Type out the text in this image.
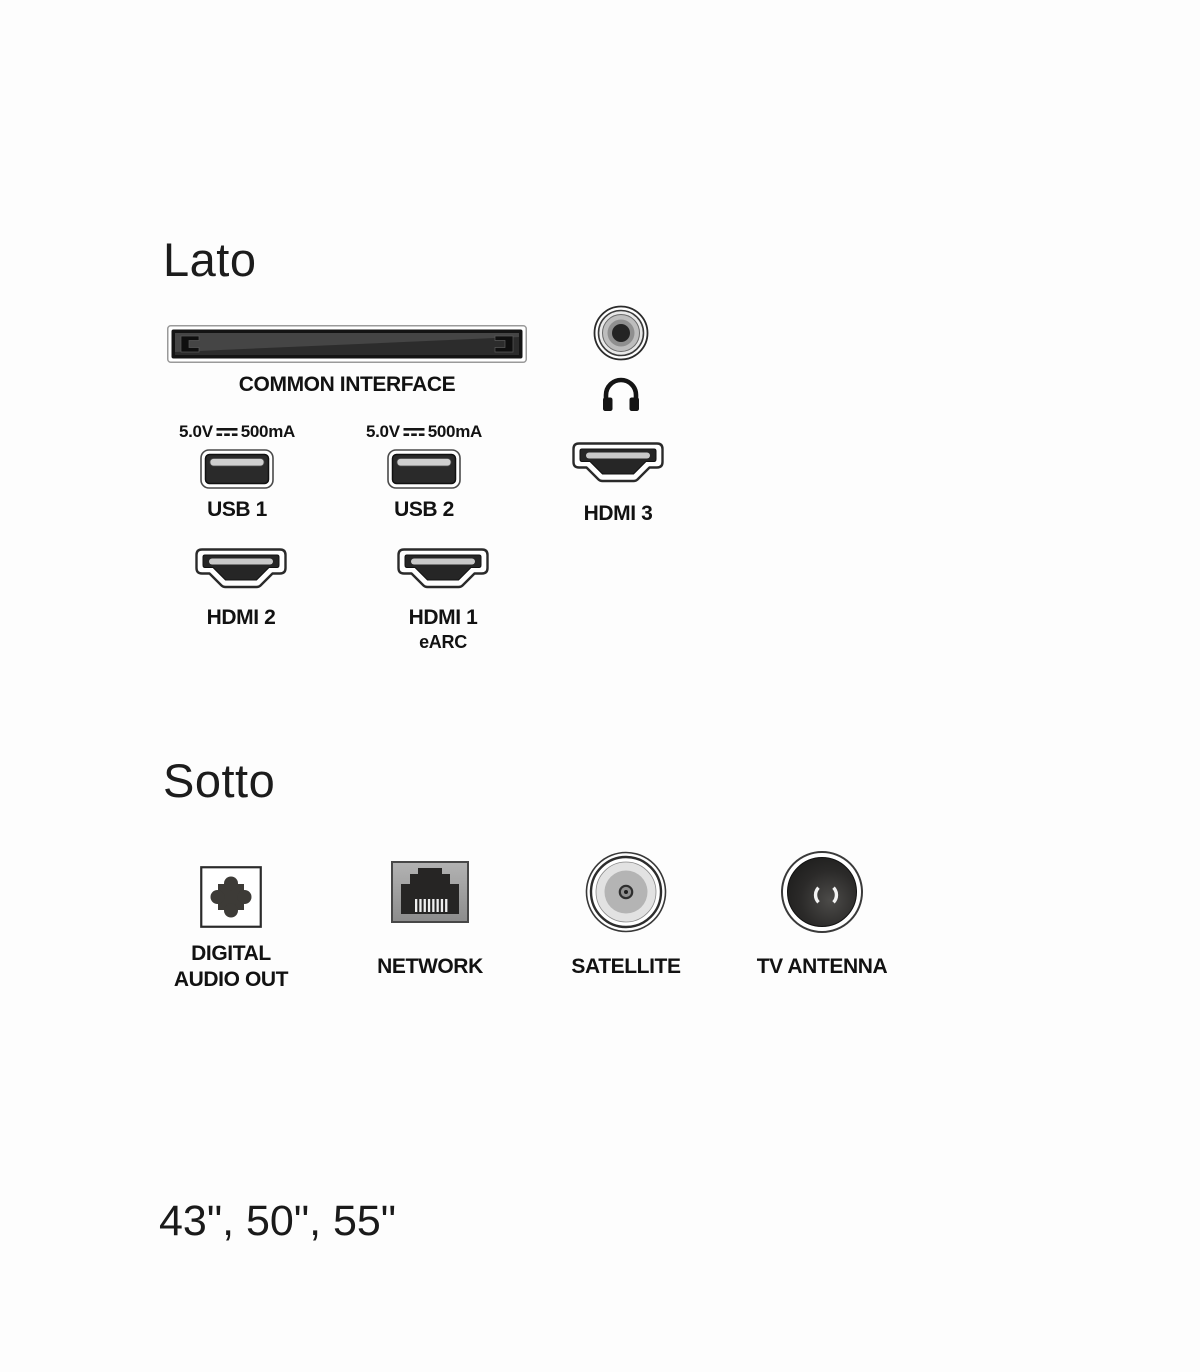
Lato
COMMON INTERFACE
5.0V 500mA
USB 1
5.0V 500mA
USB 2	HDMI 3
HDMI 2	HDMI 1
eARC
Sotto
DIGITAL
AUDIO OUT
NETWORK	SATELLITE	TV ANTENNA
43", 50", 55"
